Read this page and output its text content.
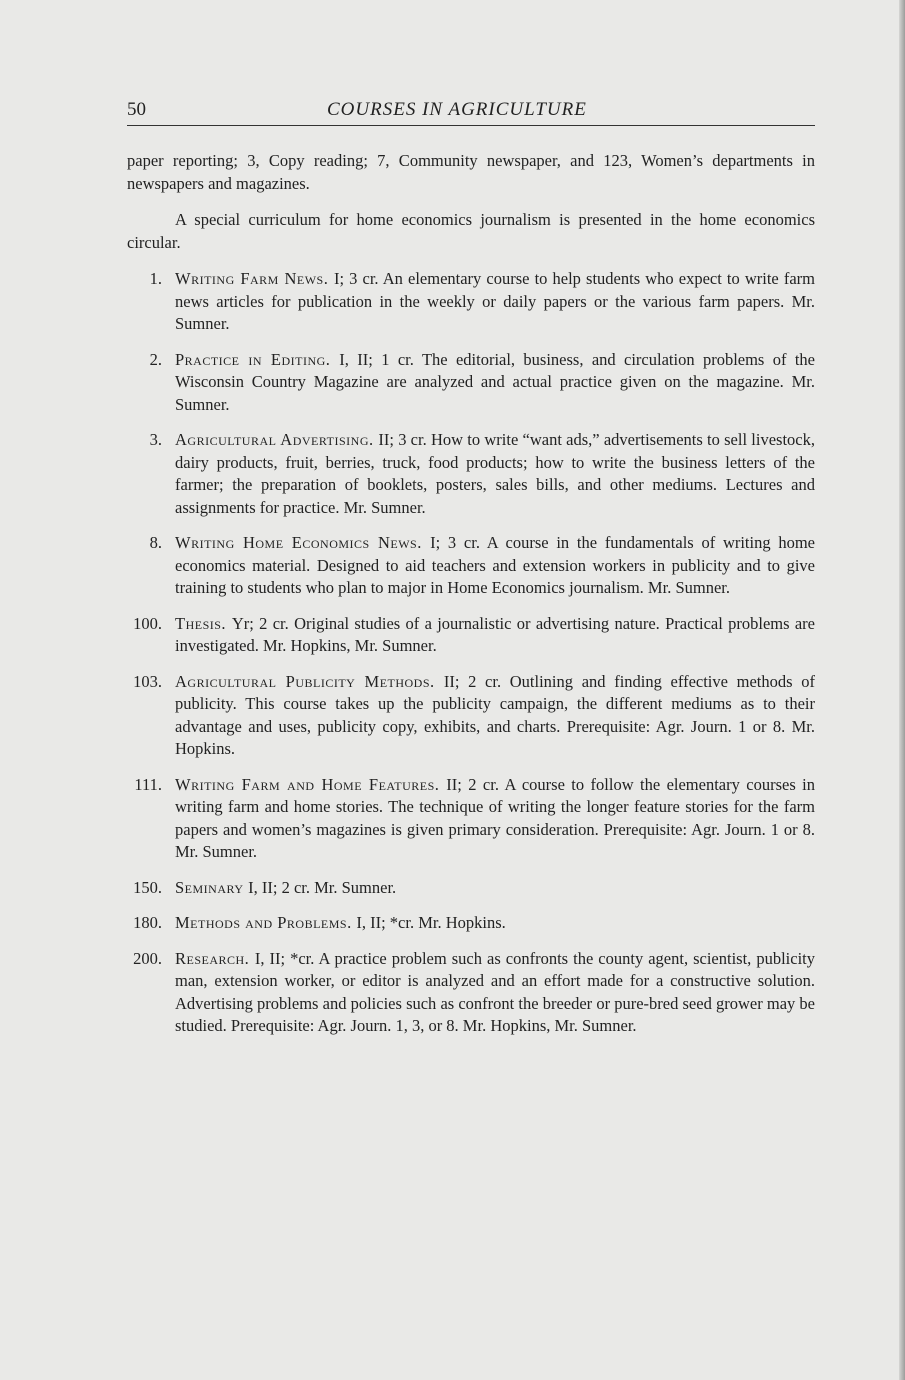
50	COURSES IN AGRICULTURE

paper reporting; 3, Copy reading; 7, Community newspaper, and 123, Women’s departments in newspapers and magazines.

A special curriculum for home economics journalism is presented in the home economics circular.

1. Writing Farm News. I; 3 cr. An elementary course to help students who expect to write farm news articles for publication in the weekly or daily papers or the various farm papers. Mr. Sumner.
2. Practice in Editing. I, II; 1 cr. The editorial, business, and circulation problems of the Wisconsin Country Magazine are analyzed and actual practice given on the magazine. Mr. Sumner.
3. Agricultural Advertising. II; 3 cr. How to write “want ads,” advertisements to sell livestock, dairy products, fruit, berries, truck, food products; how to write the business letters of the farmer; the preparation of booklets, posters, sales bills, and other mediums. Lectures and assignments for practice. Mr. Sumner.
8. Writing Home Economics News. I; 3 cr. A course in the fundamentals of writing home economics material. Designed to aid teachers and extension workers in publicity and to give training to students who plan to major in Home Economics journalism. Mr. Sumner.
100. Thesis. Yr; 2 cr. Original studies of a journalistic or advertising nature. Practical problems are investigated. Mr. Hopkins, Mr. Sumner.
103. Agricultural Publicity Methods. II; 2 cr. Outlining and finding effective methods of publicity. This course takes up the publicity campaign, the different mediums as to their advantage and uses, publicity copy, exhibits, and charts. Prerequisite: Agr. Journ. 1 or 8. Mr. Hopkins.
111. Writing Farm and Home Features. II; 2 cr. A course to follow the elementary courses in writing farm and home stories. The technique of writing the longer feature stories for the farm papers and women’s magazines is given primary consideration. Prerequisite: Agr. Journ. 1 or 8. Mr. Sumner.
150. Seminary I, II; 2 cr. Mr. Sumner.
180. Methods and Problems. I, II; *cr. Mr. Hopkins.
200. Research. I, II; *cr. A practice problem such as confronts the county agent, scientist, publicity man, extension worker, or editor is analyzed and an effort made for a constructive solution. Advertising problems and policies such as confront the breeder or pure-bred seed grower may be studied. Prerequisite: Agr. Journ. 1, 3, or 8. Mr. Hopkins, Mr. Sumner.
